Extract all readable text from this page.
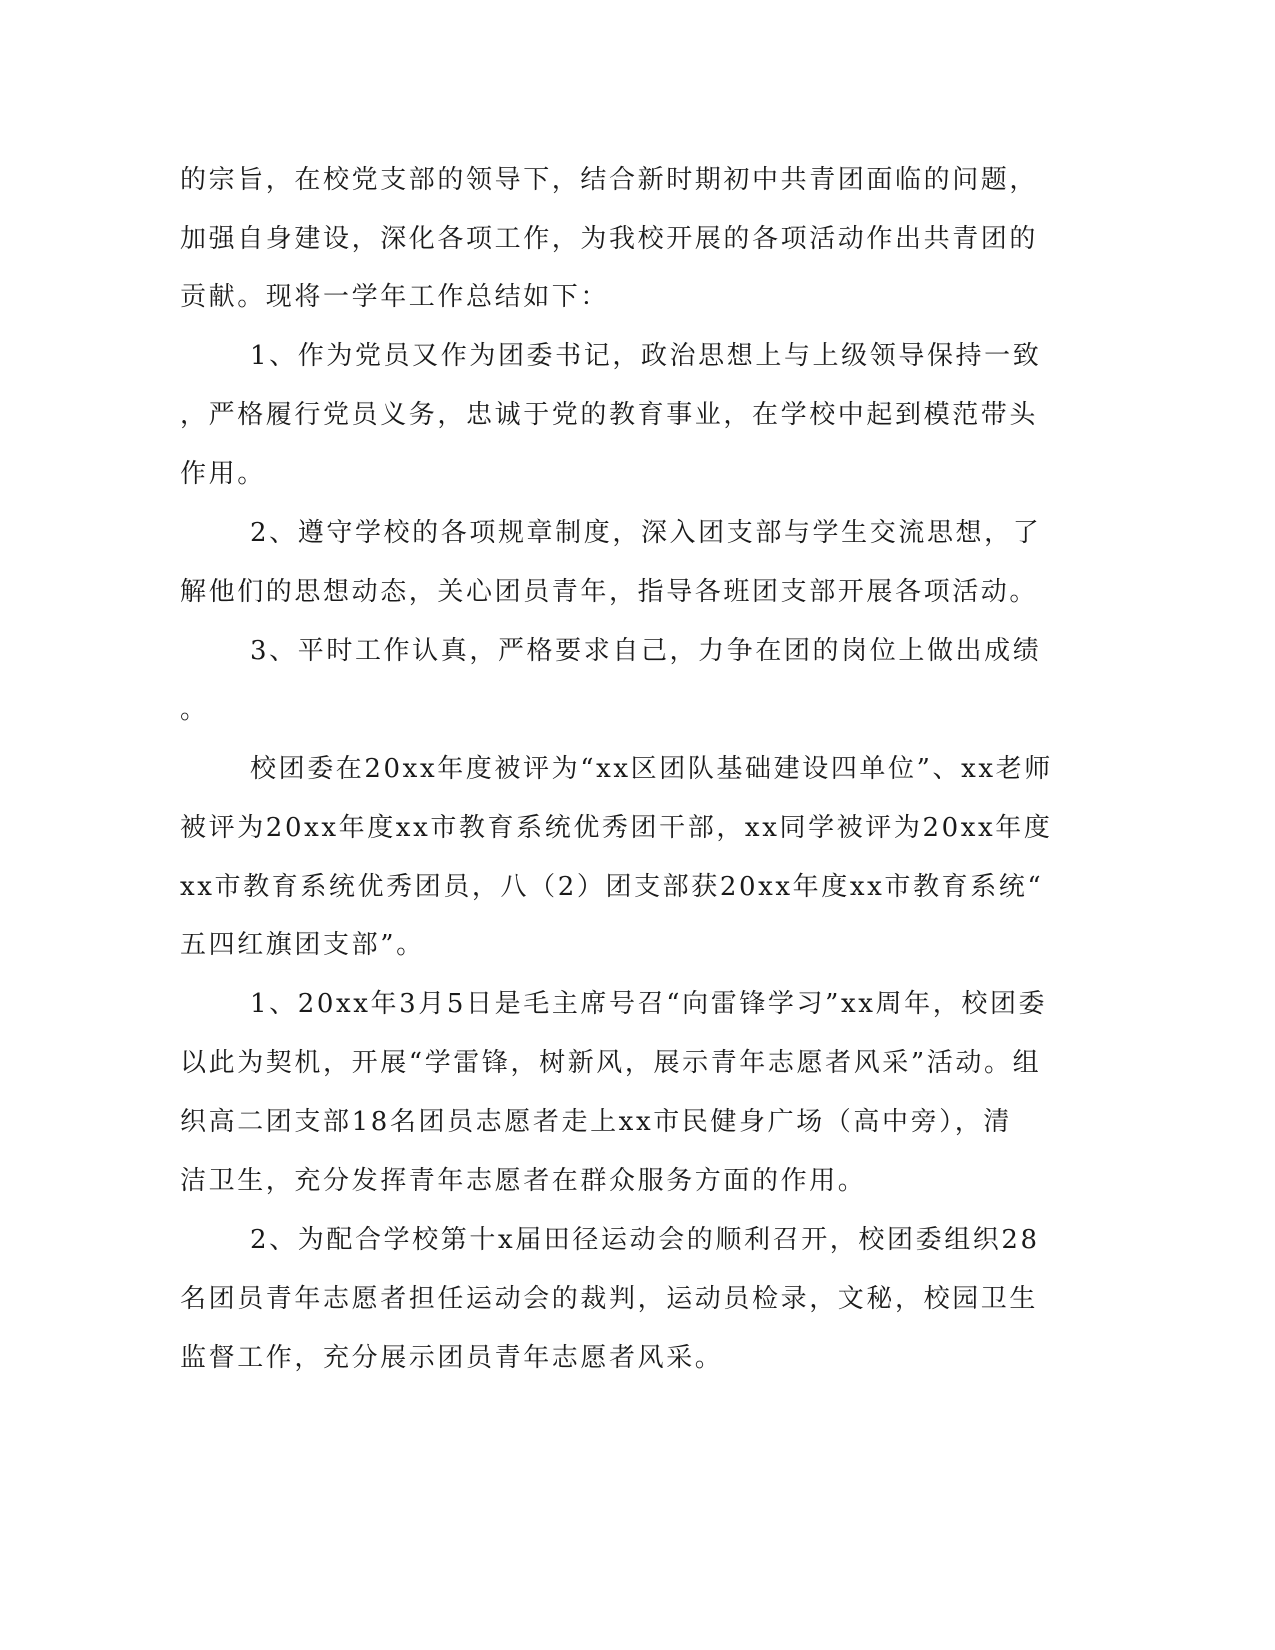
的宗旨，在校党支部的领导下，结合新时期初中共青团面临的问题，
加强自身建设，深化各项工作，为我校开展的各项活动作出共青团的
贡献。现将一学年工作总结如下：
1、作为党员又作为团委书记，政治思想上与上级领导保持一致
，严格履行党员义务，忠诚于党的教育事业，在学校中起到模范带头
作用。
2、遵守学校的各项规章制度，深入团支部与学生交流思想，了
解他们的思想动态，关心团员青年，指导各班团支部开展各项活动。
3、平时工作认真，严格要求自己，力争在团的岗位上做出成绩
。
校团委在20xx年度被评为“xx区团队基础建设四单位”、xx老师
被评为20xx年度xx市教育系统优秀团干部，xx同学被评为20xx年度
xx市教育系统优秀团员，八（2）团支部获20xx年度xx市教育系统“
五四红旗团支部”。
1、20xx年3月5日是毛主席号召“向雷锋学习”xx周年，校团委
以此为契机，开展“学雷锋，树新风，展示青年志愿者风采”活动。组
织高二团支部18名团员志愿者走上xx市民健身广场（高中旁），清
洁卫生，充分发挥青年志愿者在群众服务方面的作用。
2、为配合学校第十x届田径运动会的顺利召开，校团委组织28
名团员青年志愿者担任运动会的裁判，运动员检录，文秘，校园卫生
监督工作，充分展示团员青年志愿者风采。
